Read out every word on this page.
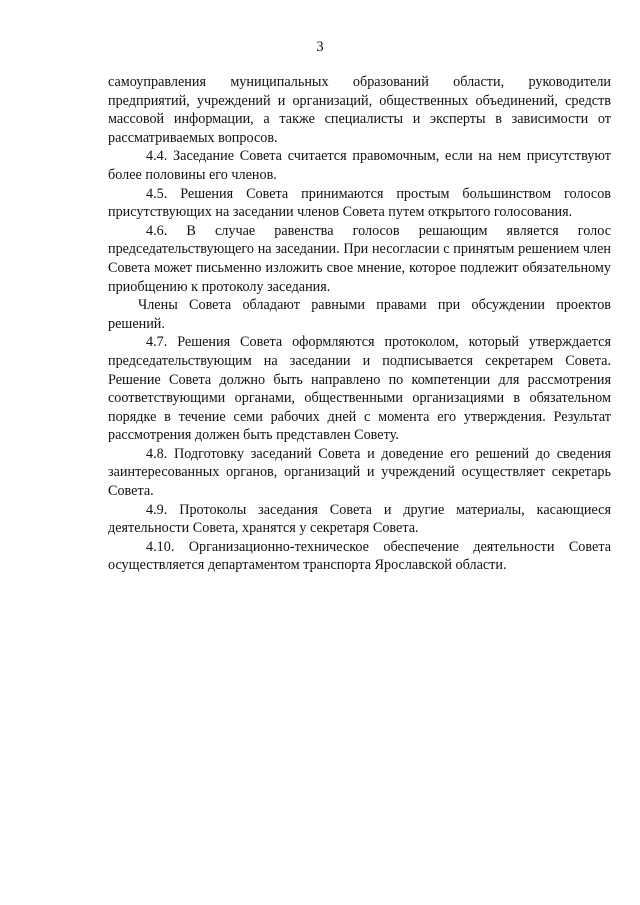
3

самоуправления муниципальных образований области, руководители предприятий, учреждений и организаций, общественных объединений, средств массовой информации, а также специалисты и эксперты в зависимости от рассматриваемых вопросов.

4.4. Заседание Совета считается правомочным, если на нем присутствуют более половины его членов.

4.5. Решения Совета принимаются простым большинством голосов присутствующих на заседании членов Совета путем открытого голосования.

4.6. В случае равенства голосов решающим является голос председательствующего на заседании. При несогласии с принятым решением член Совета может письменно изложить свое мнение, которое подлежит обязательному приобщению к протоколу заседания.

Члены Совета обладают равными правами при обсуждении проектов решений.

4.7. Решения Совета оформляются протоколом, который утверждается председательствующим на заседании и подписывается секретарем Совета. Решение Совета должно быть направлено по компетенции для рассмотрения соответствующими органами, общественными организациями в обязательном порядке в течение семи рабочих дней с момента его утверждения. Результат рассмотрения должен быть представлен Совету.

4.8. Подготовку заседаний Совета и доведение его решений до сведения заинтересованных органов, организаций и учреждений осуществляет секретарь Совета.

4.9. Протоколы заседания Совета и другие материалы, касающиеся деятельности Совета, хранятся у секретаря Совета.

4.10. Организационно-техническое обеспечение деятельности Совета осуществляется департаментом транспорта Ярославской области.
